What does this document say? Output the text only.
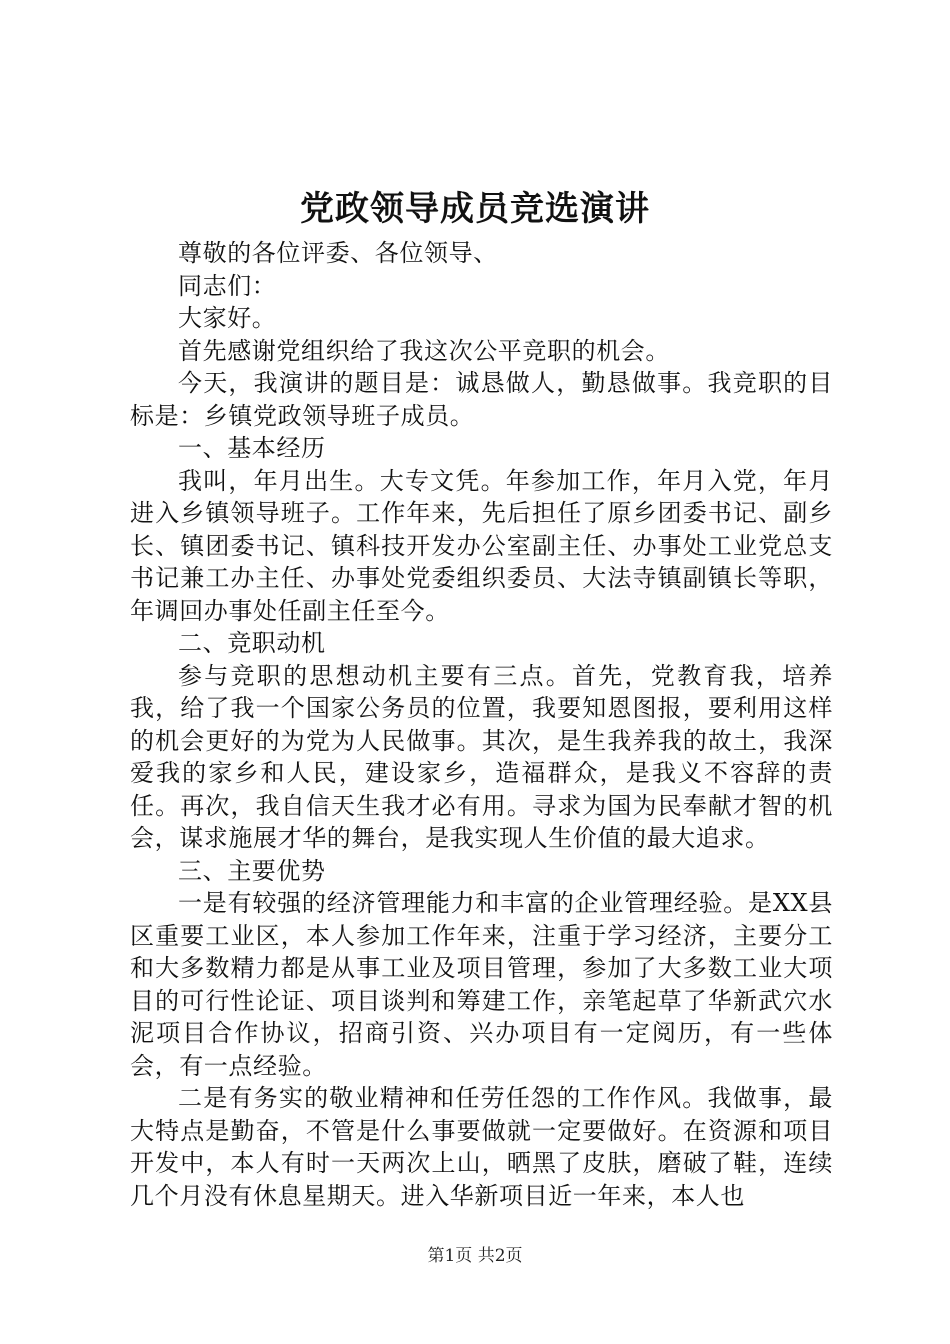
党政领导成员竞选演讲

尊敬的各位评委、各位领导、

同志们：

大家好。

首先感谢党组织给了我这次公平竞职的机会。

今天，我演讲的题目是：诚恳做人，勤恳做事。我竞职的目标是：乡镇党政领导班子成员。

一、基本经历

我叫，年月出生。大专文凭。年参加工作，年月入党，年月进入乡镇领导班子。工作年来，先后担任了原乡团委书记、副乡长、镇团委书记、镇科技开发办公室副主任、办事处工业党总支书记兼工办主任、办事处党委组织委员、大法寺镇副镇长等职，年调回办事处任副主任至今。

二、竞职动机

参与竞职的思想动机主要有三点。首先，党教育我，培养我，给了我一个国家公务员的位置，我要知恩图报，要利用这样的机会更好的为党为人民做事。其次，是生我养我的故土，我深爱我的家乡和人民，建设家乡，造福群众，是我义不容辞的责任。再次，我自信天生我才必有用。寻求为国为民奉献才智的机会，谋求施展才华的舞台，是我实现人生价值的最大追求。

三、主要优势

一是有较强的经济管理能力和丰富的企业管理经验。是XX县区重要工业区，本人参加工作年来，注重于学习经济，主要分工和大多数精力都是从事工业及项目管理，参加了大多数工业大项目的可行性论证、项目谈判和筹建工作，亲笔起草了华新武穴水泥项目合作协议，招商引资、兴办项目有一定阅历，有一些体会，有一点经验。

二是有务实的敬业精神和任劳任怨的工作作风。我做事，最大特点是勤奋，不管是什么事要做就一定要做好。在资源和项目开发中，本人有时一天两次上山，晒黑了皮肤，磨破了鞋，连续几个月没有休息星期天。进入华新项目近一年来，本人也

第1页 共2页
